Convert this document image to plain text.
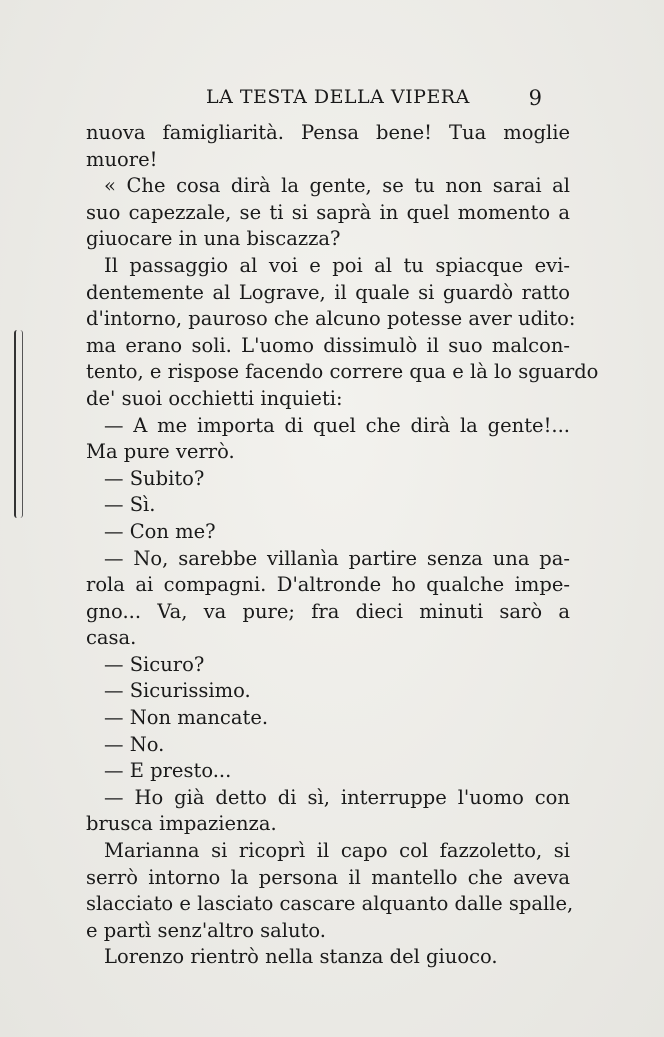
LA TESTA DELLA VIPERA	9
nuova famigliarità. Pensa bene! Tua moglie
muore!
« Che cosa dirà la gente, se tu non sarai al
suo capezzale, se ti si saprà in quel momento a
giuocare in una biscazza?
Il passaggio al voi e poi al tu spiacque evi-
dentemente al Lograve, il quale si guardò ratto
d'intorno, pauroso che alcuno potesse aver udito:
ma erano soli. L'uomo dissimulò il suo malcon-
tento, e rispose facendo correre qua e là lo sguardo
de' suoi occhietti inquieti:
— A me importa di quel che dirà la gente!...
Ma pure verrò.
— Subito?
— Sì.
— Con me?
— No, sarebbe villanìa partire senza una pa-
rola ai compagni. D'altronde ho qualche impe-
gno... Va, va pure; fra dieci minuti sarò a
casa.
— Sicuro?
— Sicurissimo.
— Non mancate.
— No.
— E presto...
— Ho già detto di sì, interruppe l'uomo con
brusca impazienza.
Marianna si ricoprì il capo col fazzoletto, si
serrò intorno la persona il mantello che aveva
slacciato e lasciato cascare alquanto dalle spalle,
e partì senz'altro saluto.
Lorenzo rientrò nella stanza del giuoco.
